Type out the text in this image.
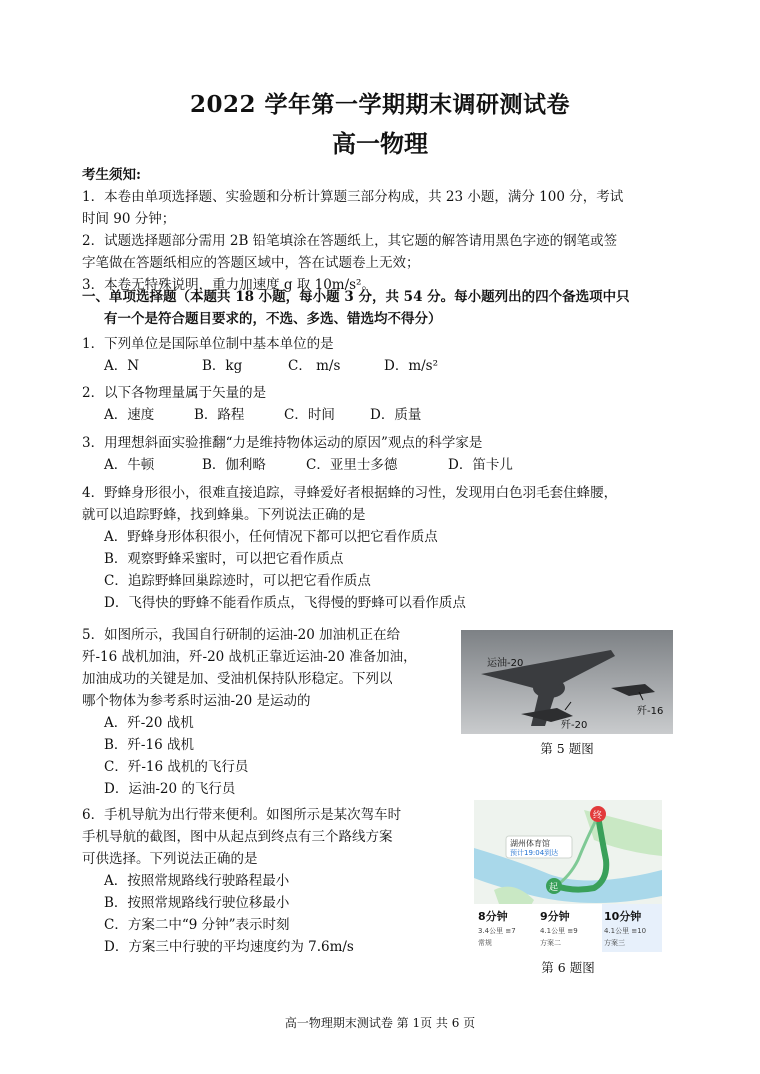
2022 学年第一学期期末调研测试卷
高一物理
考生须知:
1．本卷由单项选择题、实验题和分析计算题三部分构成，共 23 小题，满分 100 分，考试
时间 90 分钟；
2．试题选择题部分需用 2B 铅笔填涂在答题纸上，其它题的解答请用黑色字迹的钢笔或签
字笔做在答题纸相应的答题区域中，答在试题卷上无效；
3．本卷无特殊说明，重力加速度 g 取 10m/s²。
一、单项选择题（本题共 18 小题，每小题 3 分，共 54 分。每小题列出的四个备选项中只
有一个是符合题目要求的，不选、多选、错选均不得分）
1．下列单位是国际单位制中基本单位的是
A．N	B．kg	C． m/s	D．m/s²
2．以下各物理量属于矢量的是
A．速度	B．路程	C．时间	D．质量
3．用理想斜面实验推翻“力是维持物体运动的原因”观点的科学家是
A．牛顿	B．伽利略	C．亚里士多德	D．笛卡儿
4．野蜂身形很小，很难直接追踪，寻蜂爱好者根据蜂的习性，发现用白色羽毛套住蜂腰，
就可以追踪野蜂，找到蜂巢。下列说法正确的是
A．野蜂身形体积很小，任何情况下都可以把它看作质点
B．观察野蜂采蜜时，可以把它看作质点
C．追踪野蜂回巢踪迹时，可以把它看作质点
D．飞得快的野蜂不能看作质点，飞得慢的野蜂可以看作质点
5．如图所示，我国自行研制的运油-20 加油机正在给
歼-16 战机加油，歼-20 战机正靠近运油-20 准备加油，
加油成功的关键是加、受油机保持队形稳定。下列以
哪个物体为参考系时运油-20 是运动的
A．歼-20 战机
B．歼-16 战机
C．歼-16 战机的飞行员
D．运油-20 的飞行员
运油-20
歼-20
歼-16
第 5 题图
6．手机导航为出行带来便利。如图所示是某次驾车时
手机导航的截图，图中从起点到终点有三个路线方案
可供选择。下列说法正确的是
A．按照常规路线行驶路程最小
B．按照常规路线行驶位移最小
C．方案二中“9 分钟”表示时刻
D．方案三中行驶的平均速度约为 7.6m/s
终
起
湖州体育馆
预计19:04到达
8分钟
3.4公里 ≡7
常规
9分钟
4.1公里 ≡9
方案二
10分钟
4.1公里 ≡10
方案三
第 6 题图
高一物理期末测试卷 第 1页 共 6 页
